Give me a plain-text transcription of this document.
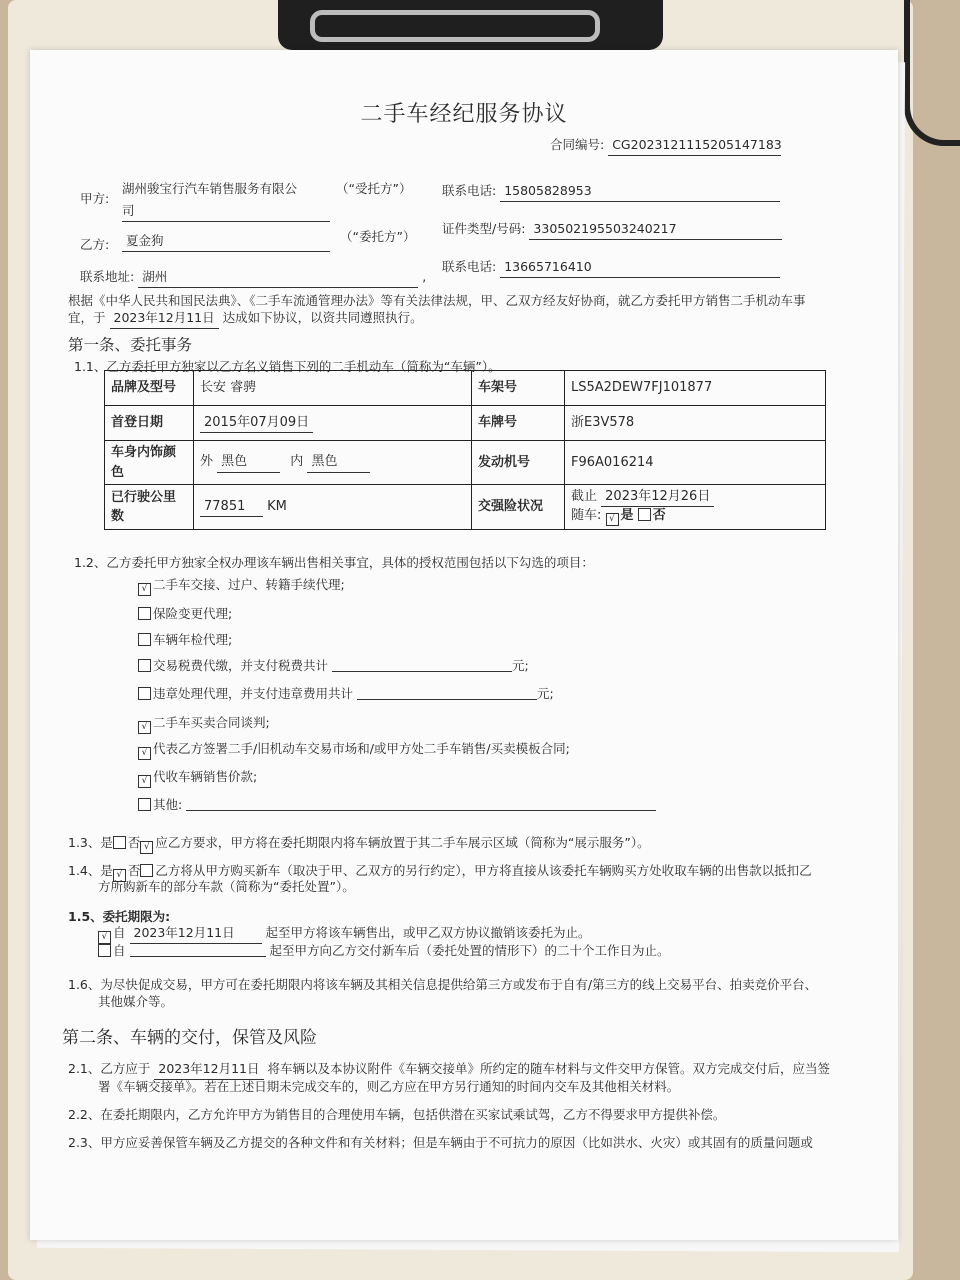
二手车经纪服务协议
合同编号: CG2023121115205147183
甲方:
湖州骏宝行汽车销售服务有限公
司
（“受托方”） 联系电话: 15805828953
乙方:	夏金狗	（“委托方”）
证件类型/号码: 330502195503240217
联系地址: 湖州	,
联系电话: 13665716410
根据《中华人民共和国民法典》、《二手车流通管理办法》等有关法律法规，甲、乙双方经友好协商，就乙方委托甲方销售二手机动车事
宜，于 2023年12月11日 达成如下协议，以资共同遵照执行。
第一条、委托事务
1.1、乙方委托甲方独家以乙方名义销售下列的二手机动车（简称为“车辆”）。
品牌及型号	长安 睿骋	车架号	LS5A2DEW7FJ101877
首登日期	2015年07月09日	车牌号	浙E3V578
车身内饰颜色	外 黑色 内 黑色	发动机号	F96A016214
已行驶公里数	77851 KM	交强险状况	截止 2023年12月26日
随车: √ 是 否
1.2、乙方委托甲方独家全权办理该车辆出售相关事宜，具体的授权范围包括以下勾选的项目：
√ 二手车交接、过户、转籍手续代理;
保险变更代理;
车辆年检代理;
交易税费代缴，并支付税费共计	元;
违章处理代理，并支付违章费用共计	元;
√ 二手车买卖合同谈判;
√ 代表乙方签署二手/旧机动车交易市场和/或甲方处二手车销售/买卖模板合同;
√ 代收车辆销售价款;
其他:
1.3、是 否 √ 应乙方要求，甲方将在委托期限内将车辆放置于其二手车展示区域（简称为“展示服务”）。
1.4、是 √ 否 乙方将从甲方购买新车（取决于甲、乙双方的另行约定），甲方将直接从该委托车辆购买方处收取车辆的出售款以抵扣乙
方所购新车的部分车款（简称为“委托处置”）。
1.5、委托期限为:
√ 自 2023年12月11日 起至甲方将该车辆售出，或甲乙双方协议撤销该委托为止。
自	起至甲方向乙方交付新车后（委托处置的情形下）的二十个工作日为止。
1.6、为尽快促成交易，甲方可在委托期限内将该车辆及其相关信息提供给第三方或发布于自有/第三方的线上交易平台、拍卖竞价平台、
其他媒介等。
第二条、车辆的交付，保管及风险
2.1、乙方应于 2023年12月11日 将车辆以及本协议附件《车辆交接单》所约定的随车材料与文件交甲方保管。双方完成交付后，应当签
署《车辆交接单》。若在上述日期未完成交车的，则乙方应在甲方另行通知的时间内交车及其他相关材料。
2.2、在委托期限内，乙方允许甲方为销售目的合理使用车辆，包括供潜在买家试乘试驾，乙方不得要求甲方提供补偿。
2.3、甲方应妥善保管车辆及乙方提交的各种文件和有关材料；但是车辆由于不可抗力的原因（比如洪水、火灾）或其固有的质量问题或
